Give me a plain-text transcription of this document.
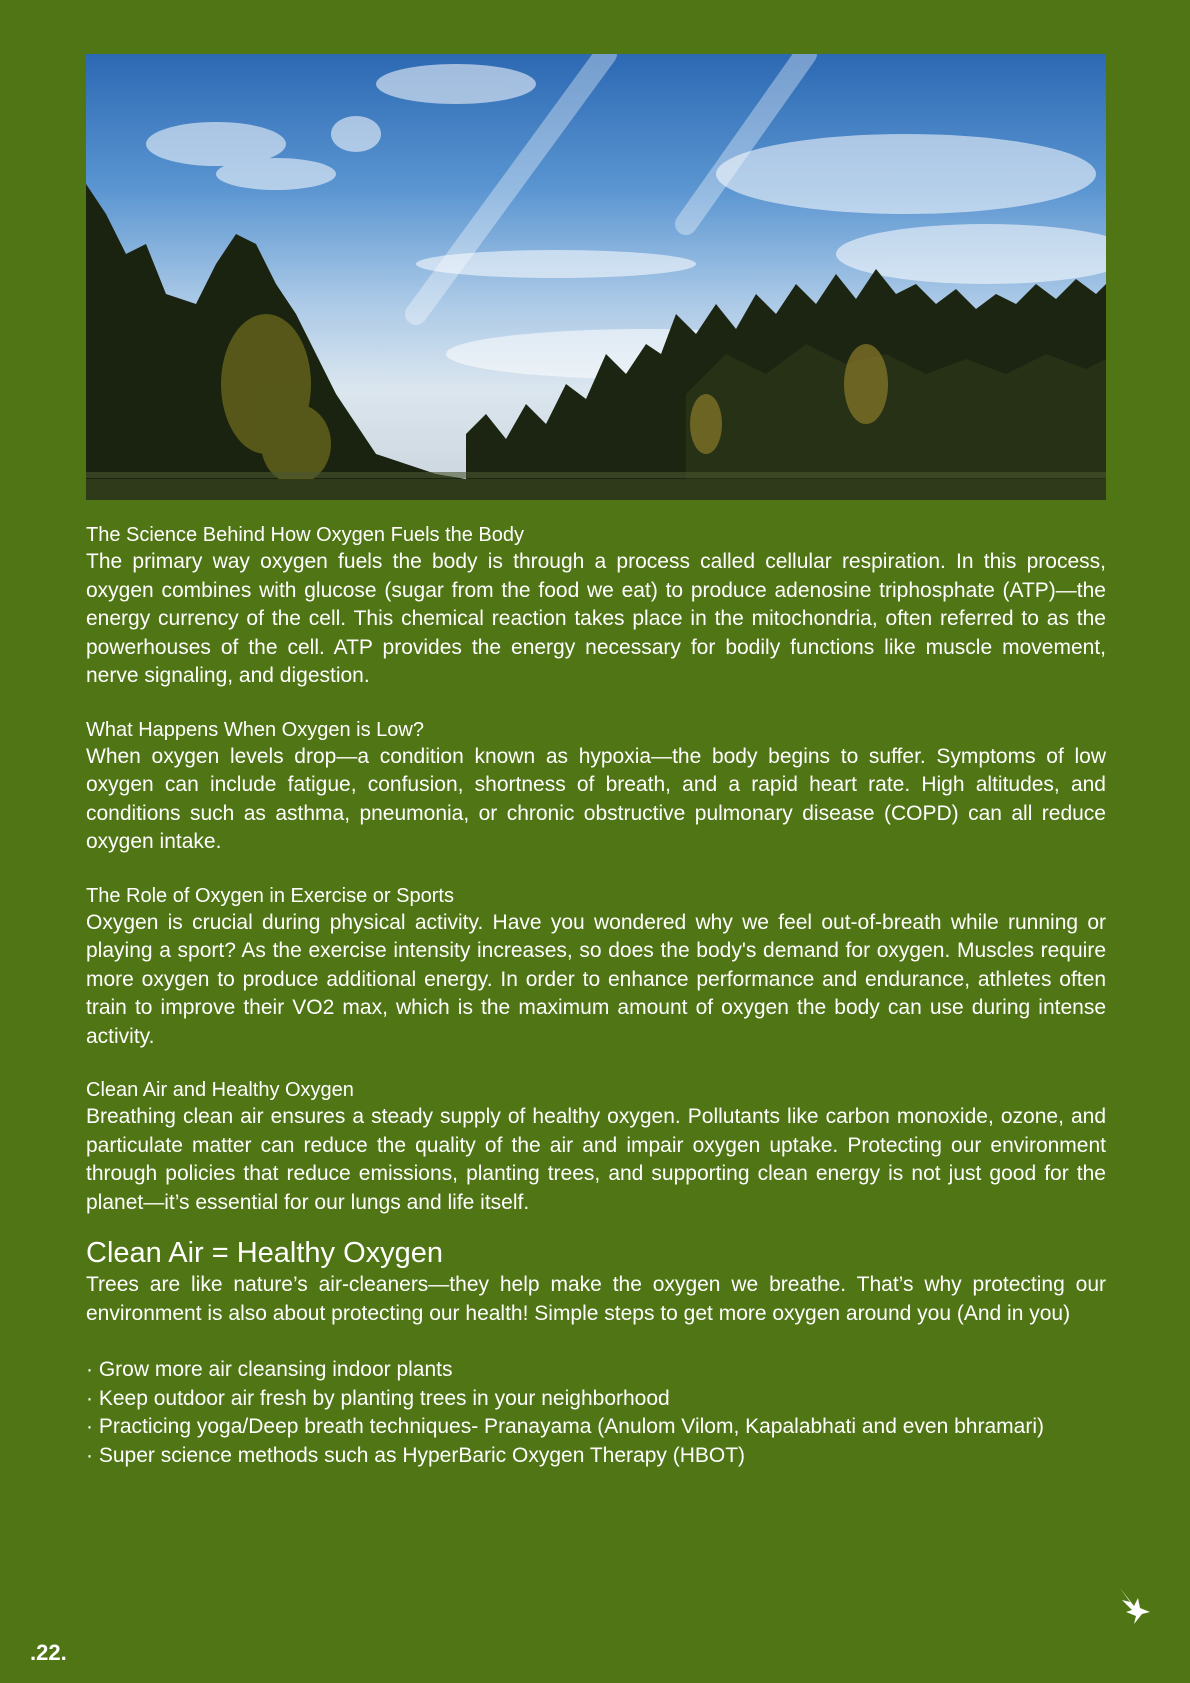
The Science Behind How Oxygen Fuels the Body
The primary way oxygen fuels the body is through a process called cellular respiration. In this process, oxygen combines with glucose (sugar from the food we eat) to produce adenosine triphosphate (ATP)—the energy currency of the cell. This chemical reaction takes place in the mitochondria, often referred to as the powerhouses of the cell. ATP provides the energy necessary for bodily functions like muscle movement, nerve signaling, and digestion.
What Happens When Oxygen is Low?
When oxygen levels drop—a condition known as hypoxia—the body begins to suffer. Symptoms of low oxygen can include fatigue, confusion, shortness of breath, and a rapid heart rate. High altitudes, and conditions such as asthma, pneumonia, or chronic obstructive pulmonary disease (COPD) can all reduce oxygen intake.
The Role of Oxygen in Exercise or Sports
Oxygen is crucial during physical activity. Have you wondered why we feel out-of-breath while running or playing a sport? As the exercise intensity increases, so does the body's demand for oxygen. Muscles require more oxygen to produce additional energy. In order to enhance performance and endurance, athletes often train to improve their VO2 max, which is the maximum amount of oxygen the body can use during intense activity.
Clean Air and Healthy Oxygen
Breathing clean air ensures a steady supply of healthy oxygen. Pollutants like carbon monoxide, ozone, and particulate matter can reduce the quality of the air and impair oxygen uptake. Protecting our environment through policies that reduce emissions, planting trees, and supporting clean energy is not just good for the planet—it’s essential for our lungs and life itself.
Clean Air = Healthy Oxygen
Trees are like nature’s air-cleaners—they help make the oxygen we breathe. That’s why protecting our environment is also about protecting our health! Simple steps to get more oxygen around you (And in you)
· Grow more air cleansing indoor plants
· Keep outdoor air fresh by planting trees in your neighborhood
· Practicing yoga/Deep breath techniques- Pranayama (Anulom Vilom, Kapalabhati and even bhramari)
· Super science methods such as HyperBaric Oxygen Therapy (HBOT)
.22.
